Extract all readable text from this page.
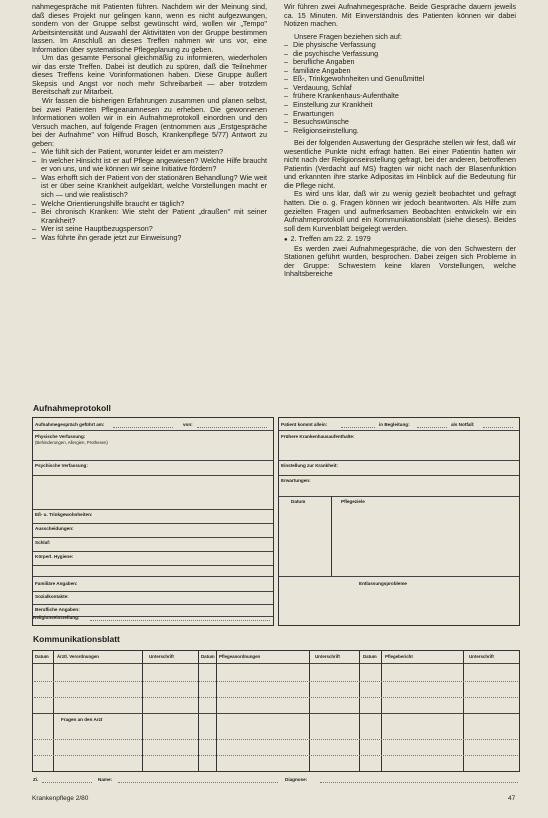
nahmegespräche mit Patienten führen. Nachdem wir der Meinung sind, daß dieses Projekt nur gelingen kann, wenn es nicht aufgezwungen, sondern von der Gruppe selbst gewünscht wird, wollen wir „Tempo" Arbeitsintensität und Auswahl der Aktivitäten von der Gruppe bestimmen lassen. Im Anschluß an dieses Treffen nahmen wir uns vor, eine Information über systematische Pflegeplanung zu geben.

Um das gesamte Personal gleichmäßig zu informieren, wiederholen wir das erste Treffen. Dabei ist deutlich zu spüren, daß die Teilnehmer dieses Treffens keine Vorinformationen haben. Diese Gruppe äußert Skepsis und Angst vor noch mehr Schreibarbeit — aber trotzdem Bereitschaft zur Mitarbeit.

Wir fassen die bisherigen Erfahrungen zusammen und planen selbst, bei zwei Patienten Pflegeanamnesen zu erheben. Die gewonnenen Informationen wollen wir in ein Aufnahmeprotokoll einordnen und den Versuch machen, auf folgende Fragen (entnommen aus „Erstgespräche bei der Aufnahme" von Hilfrud Bosch, Krankenpflege 5/77) Antwort zu geben:

– Wie fühlt sich der Patient, worunter leidet er am meisten?
– In welcher Hinsicht ist er auf Pflege angewiesen? Welche Hilfe braucht er von uns, und wie können wir seine Initiative fördern?
– Was erhofft sich der Patient von der stationären Behandlung? Wie weit ist er über seine Krankheit aufgeklärt, welche Vorstellungen macht er sich — und wie realistisch?
– Welche Orientierungshilfe braucht er täglich?
– Bei chronisch Kranken: Wie steht der Patient „draußen" mit seiner Krankheit?
– Wer ist seine Hauptbezugsperson?
– Was führte ihn gerade jetzt zur Einweisung?

Wir führen zwei Aufnahmegespräche. Beide Gespräche dauern jeweils ca. 15 Minuten. Mit Einverständnis des Patienten können wir dabei Notizen machen.

Unsere Fragen beziehen sich auf:

– Die physische Verfassung
– die psychische Verfassung
– berufliche Angaben
– familiäre Angaben
– Eß-, Trinkgewohnheiten und Genußmittel
– Verdauung, Schlaf
– frühere Krankenhaus-Aufenthalte
– Einstellung zur Krankheit
– Erwartungen
– Besuchswünsche
– Religionseinstellung.

Bei der folgenden Auswertung der Gespräche stellen wir fest, daß wir wesentliche Punkte nicht erfragt hatten. Bei einer Patientin hatten wir nicht nach der Religionseinstellung gefragt, bei der anderen, betroffenen Patientin (Verdacht auf MS) fragten wir nicht nach der Blasenfunktion und erkannten ihre starke Adipositas im Hinblick auf die Bedeutung für die Pflege nicht.

Es wird uns klar, daß wir zu wenig gezielt beobachtet und gefragt hatten. Die o. g. Fragen können wir jedoch beantworten. Als Hilfe zum gezielten Fragen und aufmerksamen Beobachten entwickeln wir ein Aufnahmeprotokoll und ein Kommunikationsblatt (siehe dieses). Beides soll dem Kurvenblatt beigelegt werden.

● 2. Treffen am 22. 2. 1979

Es werden zwei Aufnahmegespräche, die von den Schwestern der Stationen geführt wurden, besprochen. Dabei zeigen sich Probleme in der Gruppe: Schwestern keine klaren Vorstellungen, welche Inhaltsbereiche

Aufnahmeprotokoll
Aufnahmegespräch geführt am:	von:
Physische Verfassung:
(Behinderungen, Allergien, Prothesen)
Psychische Verfassung:
Eß- u. Trinkgewohnheiten:
Ausscheidungen:
Schlaf:
Körperl. Hygiene:
Familiäre Angaben:
Sozialkontakte:
Berufliche Angaben:
Religionseinstellung:
Patient kommt allein:	in Begleitung:	als Notfall:
Frühere Krankenhausaufenthalte:
Einstellung zur Krankheit:
Erwartungen:
Datum	Pflegeziele
Entlassungsprobleme
Kommunikationsblatt
Datum Ärztl. Verordnungen	Unterschrift	Datum Pflegeanordnungen	Unterschrift	Datum Pflegebericht	Unterschrift
Fragen an den Arzt
Zi.	Name:	Diagnose:
Krankenpflege 2/80	47
